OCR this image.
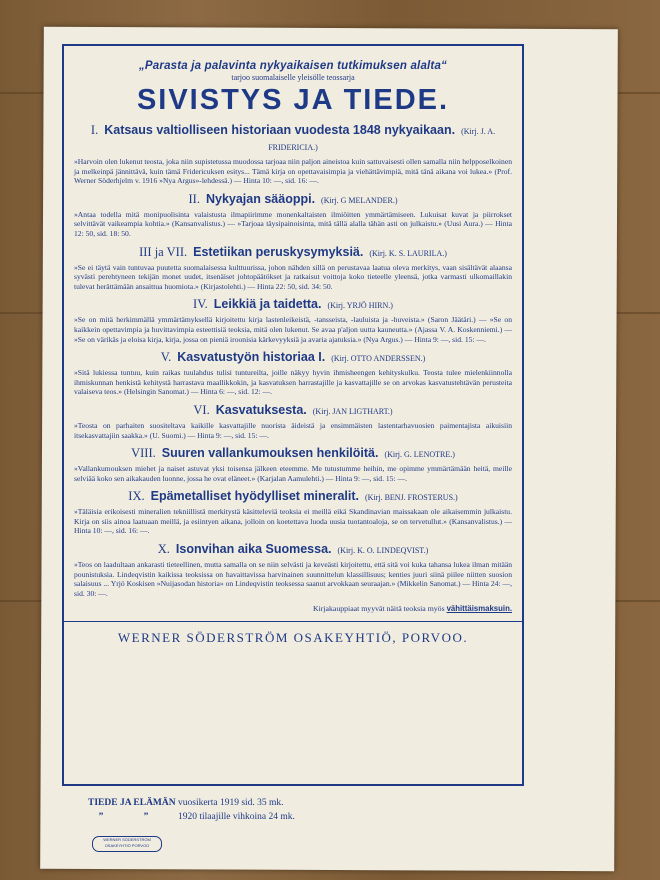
„Parasta ja palavinta nykyaikaisen tutkimuksen alalta“
tarjoo suomalaiselle yleisölle teossarja
SIVISTYS JA TIEDE.
I. Katsaus valtiolliseen historiaan vuodesta 1848 nykyaikaan. (Kirj. J. A. FRIDERICIA.)
»Harvoin olen lukenut teosta, joka niin supistetussa muodossa tarjoaa niin paljon aineistoa kuin sattuvaisesti ollen samalla niin helpposelkoinen ja melkeinpä jännittävä, kuin tämä Fridericuksen esitys... Tämä kirja on opettavaisimpia ja viehättävimpiä, mitä tänä aikana voi lukea.» (Prof. Werner Söderhjelm v. 1916 »Nya Argus»-lehdessä.) — Hinta 10: —, sid. 16: —.
II. Nykyajan sääoppi. (Kirj. G MELANDER.)
»Antaa todella mitä monipuolisinta valaistusta ilmapiirimme monenkaltaisten ilmiöitten ymmärtämiseen. Lukuisat kuvat ja piirrokset selvittävät vaikeampia kohtia.» (Kansanvalistus.) — »Tarjoaa täysipainoisinta, mitä tällä alalla tähän asti on julkaistu.» (Uusi Aura.) — Hinta 12: 50, sid. 18: 50.
III ja VII. Estetiikan peruskysymyksiä. (Kirj. K. S. LAURILA.)
»Se ei täytä vain tuntuvaa puutetta suomalaisessa kulttuurissa, johon nähden sillä on perustavaa laatua oleva merkitys, vaan sisältävät alaansa syvästi perehtyneen tekijän monet uudet, itsenäiset johtopäätökset ja ratkaisut voittoja koko tieteelle yleensä, jotka varmasti ulkomaillakin tulevat herättämään ansaittua huomiota.» (Kirjastolehti.) — Hinta 22: 50, sid. 34: 50.
IV. Leikkiä ja taidetta. (Kirj. YRJÖ HIRN.)
»Se on mitä herkimmällä ymmärtämyksellä kirjoitettu kirja lastenleikeistä, -tansseista, -lauluista ja -huveista.» (Saron Jäätäri.) — »Se on kaikkein opettavimpia ja huvittavimpia esteettisiä teoksia, mitä olen lukenut. Se avaa p'aljon uutta kauneutta.» (Ajassa V. A. Koskenniemi.) — »Se on värikäs ja eloisa kirja, kirja, jossa on pieniä iroonisia kärkevyyksiä ja avaria ajatuksia.» (Nya Argus.) — Hinta 9: —, sid. 15: —.
V. Kasvatustyön historiaa I. (Kirj. OTTO ANDERSSEN.)
»Sitä lukiessa tuntuu, kuin raikas tuulahdus tulisi tuntureilta, joille näkyy hyvin ihmisheengen kehityskulku. Teosta tulee mielenkiinnolla ihmiskunnan henkistä kehitystä harrastava maallikkokin, ja kasvatuksen harrastajille ja kasvattajille se on arvokas kasvatustehtävän perusteita valaiseva teos.» (Helsingin Sanomat.) — Hinta 6: —, sid. 12: —.
VI. Kasvatuksesta. (Kirj. JAN LIGTHART.)
»Teosta on parhaiten suositeltava kaikille kasvattajille nuorista äideistä ja ensimmäisten lastentarhavuosien paimentajista aikuisiin itsekasvattajiin saakka.» (U. Suomi.) — Hinta 9: —, sid. 15: —.
VIII. Suuren vallankumouksen henkilöitä. (Kirj. G. LENOTRE.)
»Vallankumouksen miehet ja naiset astuvat yksi toisensa jälkeen eteemme. Me tutustumme heihin, me opimme ymmärtämään heitä, meille selviää koko sen aikakauden luonne, jossa he ovat eläneet.» (Karjalan Aamulehti.) — Hinta 9: —, sid. 15: —.
IX. Epämetalliset hyödylliset mineralit. (Kirj. BENJ. FROSTERUS.)
»Täläisia erikoisesti mineralien tekniillistä merkitystä käsitteleviä teoksia ei meillä eikä Skandinavian maissakaan ole aikaisemmin julkaistu. Kirja on siis ainoa laatuaan meillä, ja esiintyen aikana, jolloin on koetettava luoda uusia tuotantoaloja, se on tervetullut.» (Kansanvalistus.) — Hinta 10: —, sid. 16: —.
X. Isonvihan aika Suomessa. (Kirj. K. O. LINDEQVIST.)
»Teos on laadultaan ankarasti tieteellinen, mutta samalla on se niin selvästi ja keveästi kirjoitettu, että sitä voi kuka tahansa lukea ilman mitään pounistuksia. Lindeqvistin kaikissa teoksissa on havaittavissa harvinainen suunnittelun klassillisuus; kenties juuri siinä piilee niitten suosion salaisuus ... Yrjö Koskisen »Nuijasodan historia» on Lindeqvistin teoksessa saanut arvokkaan seuraajan.» (Mikkelin Sanomat.) — Hinta 24: —, sid. 30: —.
Kirjakauppiaat myyvät näitä teoksia myös vähittäismaksuin.
WERNER SÖDERSTRÖM OSAKEYHTIÖ, PORVOO.
TIEDE JA ELÄMÄN vuosikerta 1919 sid. 35 mk.
”	”	1920 tilaajille vihkoina 24 mk.
WERNER SÖDERSTRÖM OSAKEYHTIÖ PORVOO
